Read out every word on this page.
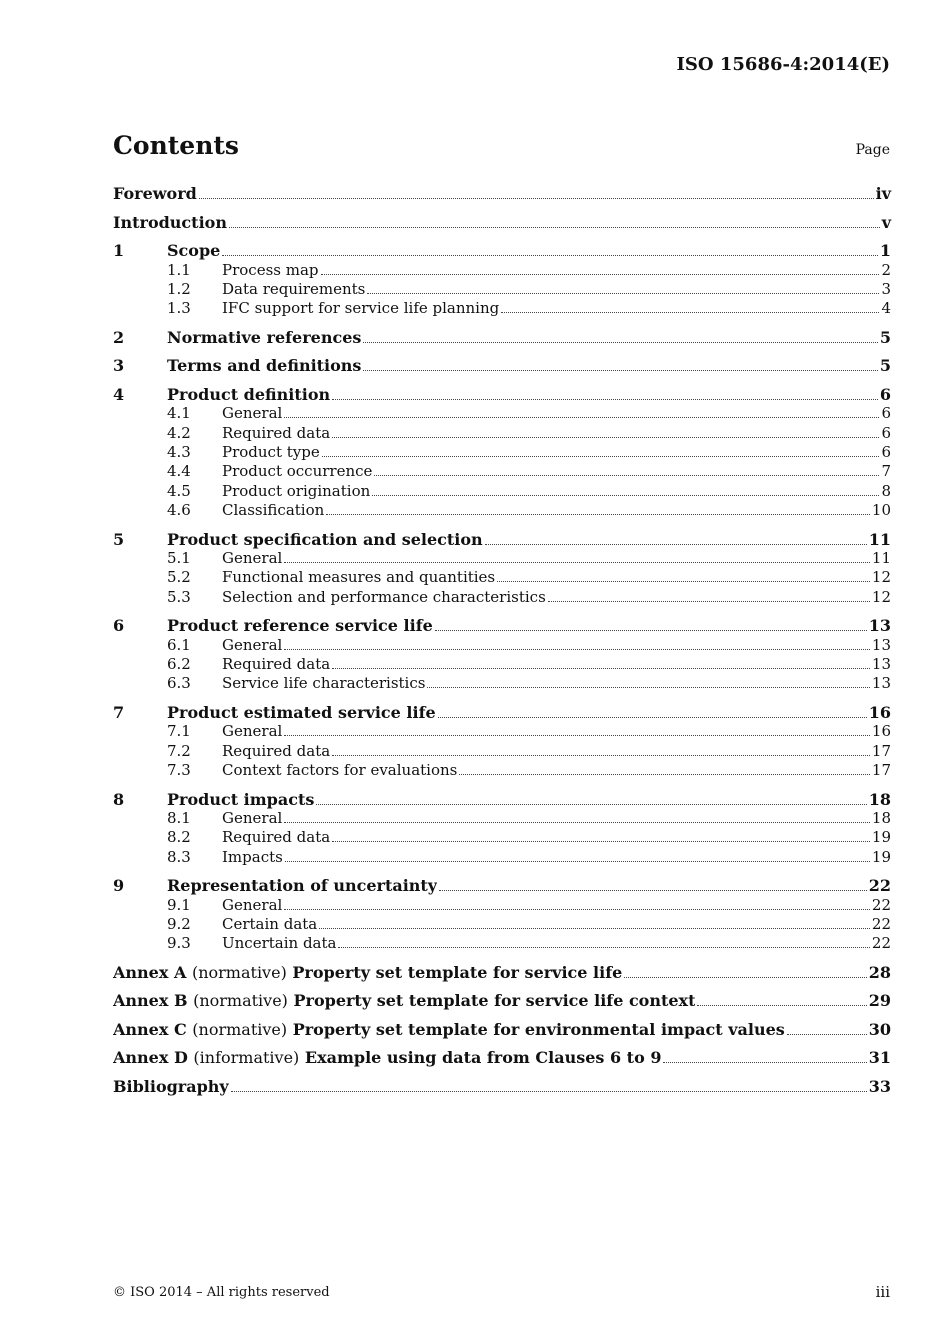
ISO 15686-4:2014(E)
Contents	Page
Foreword	iv
Introduction	v
1	Scope	1
1.1	Process map	2
1.2	Data requirements	3
1.3	IFC support for service life planning	4
2	Normative references	5
3	Terms and definitions	5
4	Product definition	6
4.1	General	6
4.2	Required data	6
4.3	Product type	6
4.4	Product occurrence	7
4.5	Product origination	8
4.6	Classification	10
5	Product specification and selection	11
5.1	General	11
5.2	Functional measures and quantities	12
5.3	Selection and performance characteristics	12
6	Product reference service life	13
6.1	General	13
6.2	Required data	13
6.3	Service life characteristics	13
7	Product estimated service life	16
7.1	General	16
7.2	Required data	17
7.3	Context factors for evaluations	17
8	Product impacts	18
8.1	General	18
8.2	Required data	19
8.3	Impacts	19
9	Representation of uncertainty	22
9.1	General	22
9.2	Certain data	22
9.3	Uncertain data	22
Annex A (normative) Property set template for service life	28
Annex B (normative) Property set template for service life context	29
Annex C (normative) Property set template for environmental impact values	30
Annex D (informative) Example using data from Clauses 6 to 9	31
Bibliography	33
© ISO 2014 – All rights reserved	iii
